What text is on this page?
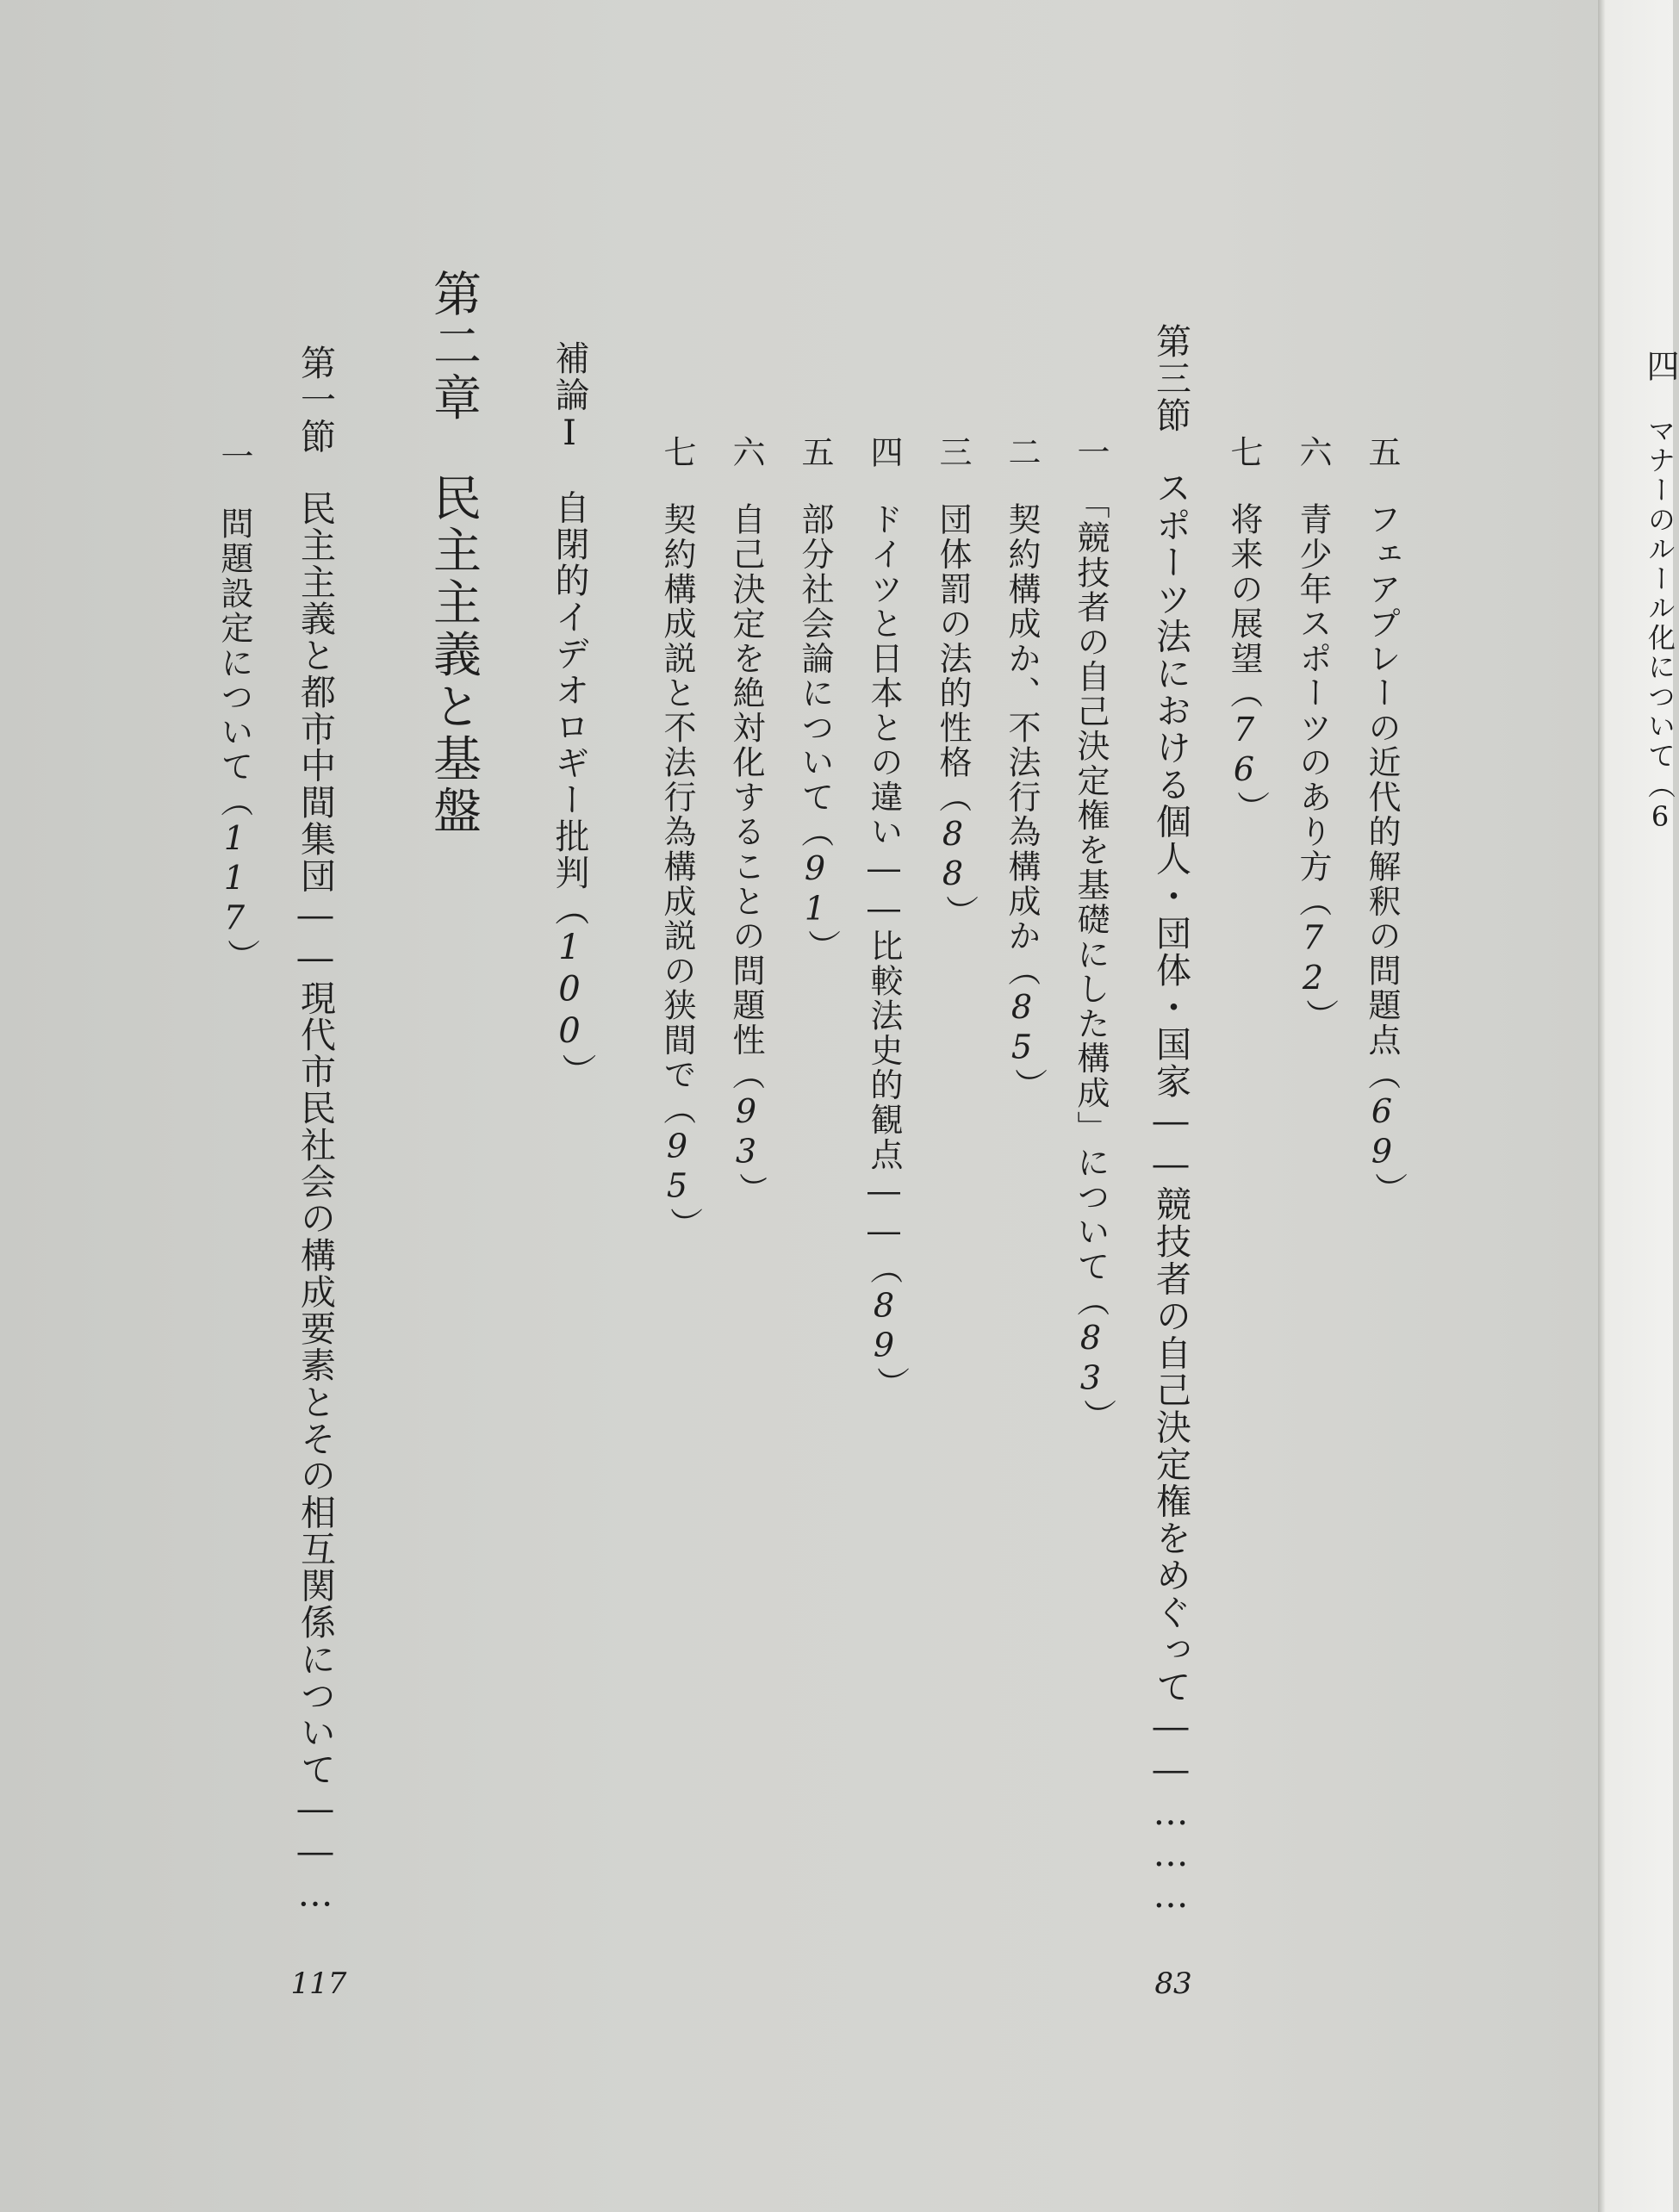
四マナーのルール化について（6
五フェアプレーの近代的解釈の問題点（69）
六青少年スポーツのあり方（72）
七将来の展望（76）
第三節スポーツ法における個人・団体・国家――競技者の自己決定権をめぐって――………
83
一「競技者の自己決定権を基礎にした構成」について（83）
二契約構成か、不法行為構成か（85）
三団体罰の法的性格（88）
四ドイツと日本との違い――比較法史的観点――（89）
五部分社会論について（91）
六自己決定を絶対化することの問題性（93）
七契約構成説と不法行為構成説の狭間で（95）
補論Ⅰ自閉的イデオロギー批判（100）
第二章民主主義と基盤
第一節民主主義と都市中間集団――現代市民社会の構成要素とその相互関係について――…
117
一問題設定について（117）
